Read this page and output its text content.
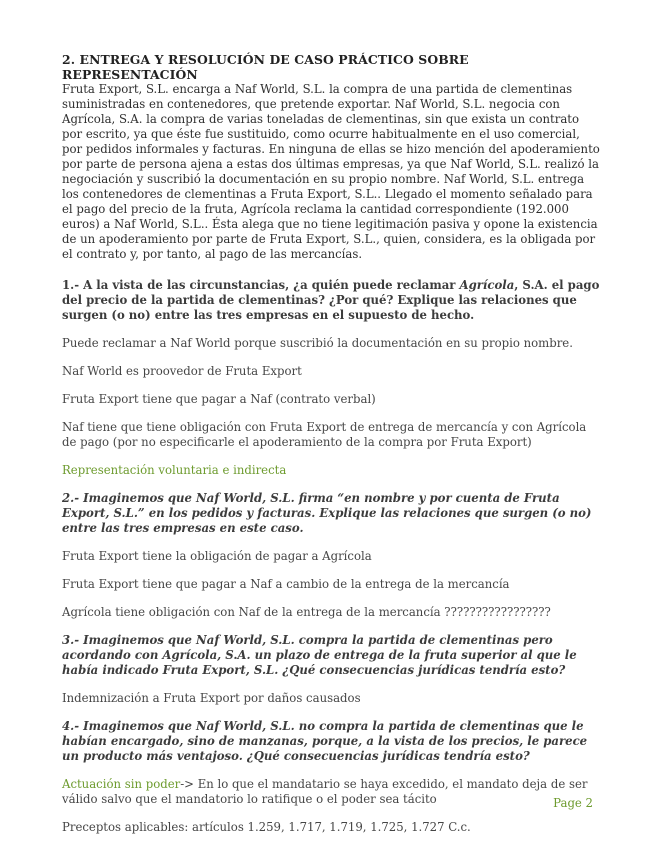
2. ENTREGA Y RESOLUCIÓN DE CASO PRÁCTICO SOBRE REPRESENTACIÓN

Fruta Export, S.L. encarga a Naf World, S.L. la compra de una partida de clementinas suministradas en contenedores, que pretende exportar. Naf World, S.L. negocia con Agrícola, S.A. la compra de varias toneladas de clementinas, sin que exista un contrato por escrito, ya que éste fue sustituido, como ocurre habitualmente en el uso comercial, por pedidos informales y facturas. En ninguna de ellas se hizo mención del apoderamiento por parte de persona ajena a estas dos últimas empresas, ya que Naf World, S.L. realizó la negociación y suscribió la documentación en su propio nombre. Naf World, S.L. entrega los contenedores de clementinas a Fruta Export, S.L.. Llegado el momento señalado para el pago del precio de la fruta, Agrícola reclama la cantidad correspondiente (192.000 euros) a Naf World, S.L.. Ésta alega que no tiene legitimación pasiva y opone la existencia de un apoderamiento por parte de Fruta Export, S.L., quien, considera, es la obligada por el contrato y, por tanto, al pago de las mercancías.

1.- A la vista de las circunstancias, ¿a quién puede reclamar Agrícola, S.A. el pago del precio de la partida de clementinas? ¿Por qué? Explique las relaciones que surgen (o no) entre las tres empresas en el supuesto de hecho.

Puede reclamar a Naf World porque suscribió la documentación en su propio nombre.

Naf World es proovedor de Fruta Export

Fruta Export tiene que pagar a Naf (contrato verbal)

Naf tiene que tiene obligación con Fruta Export de entrega de mercancía y con Agrícola de pago (por no especificarle el apoderamiento de la compra por Fruta Export)

Representación voluntaria e indirecta

2.- Imaginemos que Naf World, S.L. firma “en nombre y por cuenta de Fruta Export, S.L.” en los pedidos y facturas. Explique las relaciones que surgen (o no) entre las tres empresas en este caso.

Fruta Export tiene la obligación de pagar a Agrícola

Fruta Export tiene que pagar a Naf a cambio de la entrega de la mercancía

Agrícola tiene obligación con Naf de la entrega de la mercancía ?????????????????

3.- Imaginemos que Naf World, S.L. compra la partida de clementinas pero acordando con Agrícola, S.A. un plazo de entrega de la fruta superior al que le había indicado Fruta Export, S.L. ¿Qué consecuencias jurídicas tendría esto?

Indemnización a Fruta Export por daños causados

4.- Imaginemos que Naf World, S.L. no compra la partida de clementinas que le habían encargado, sino de manzanas, porque, a la vista de los precios, le parece un producto más ventajoso. ¿Qué consecuencias jurídicas tendría esto?

Actuación sin poder-> En lo que el mandatario se haya excedido, el mandato deja de ser válido salvo que el mandatorio lo ratifique o el poder sea tácito

Preceptos aplicables: artículos 1.259, 1.717, 1.719, 1.725, 1.727 C.c.

Page 2
